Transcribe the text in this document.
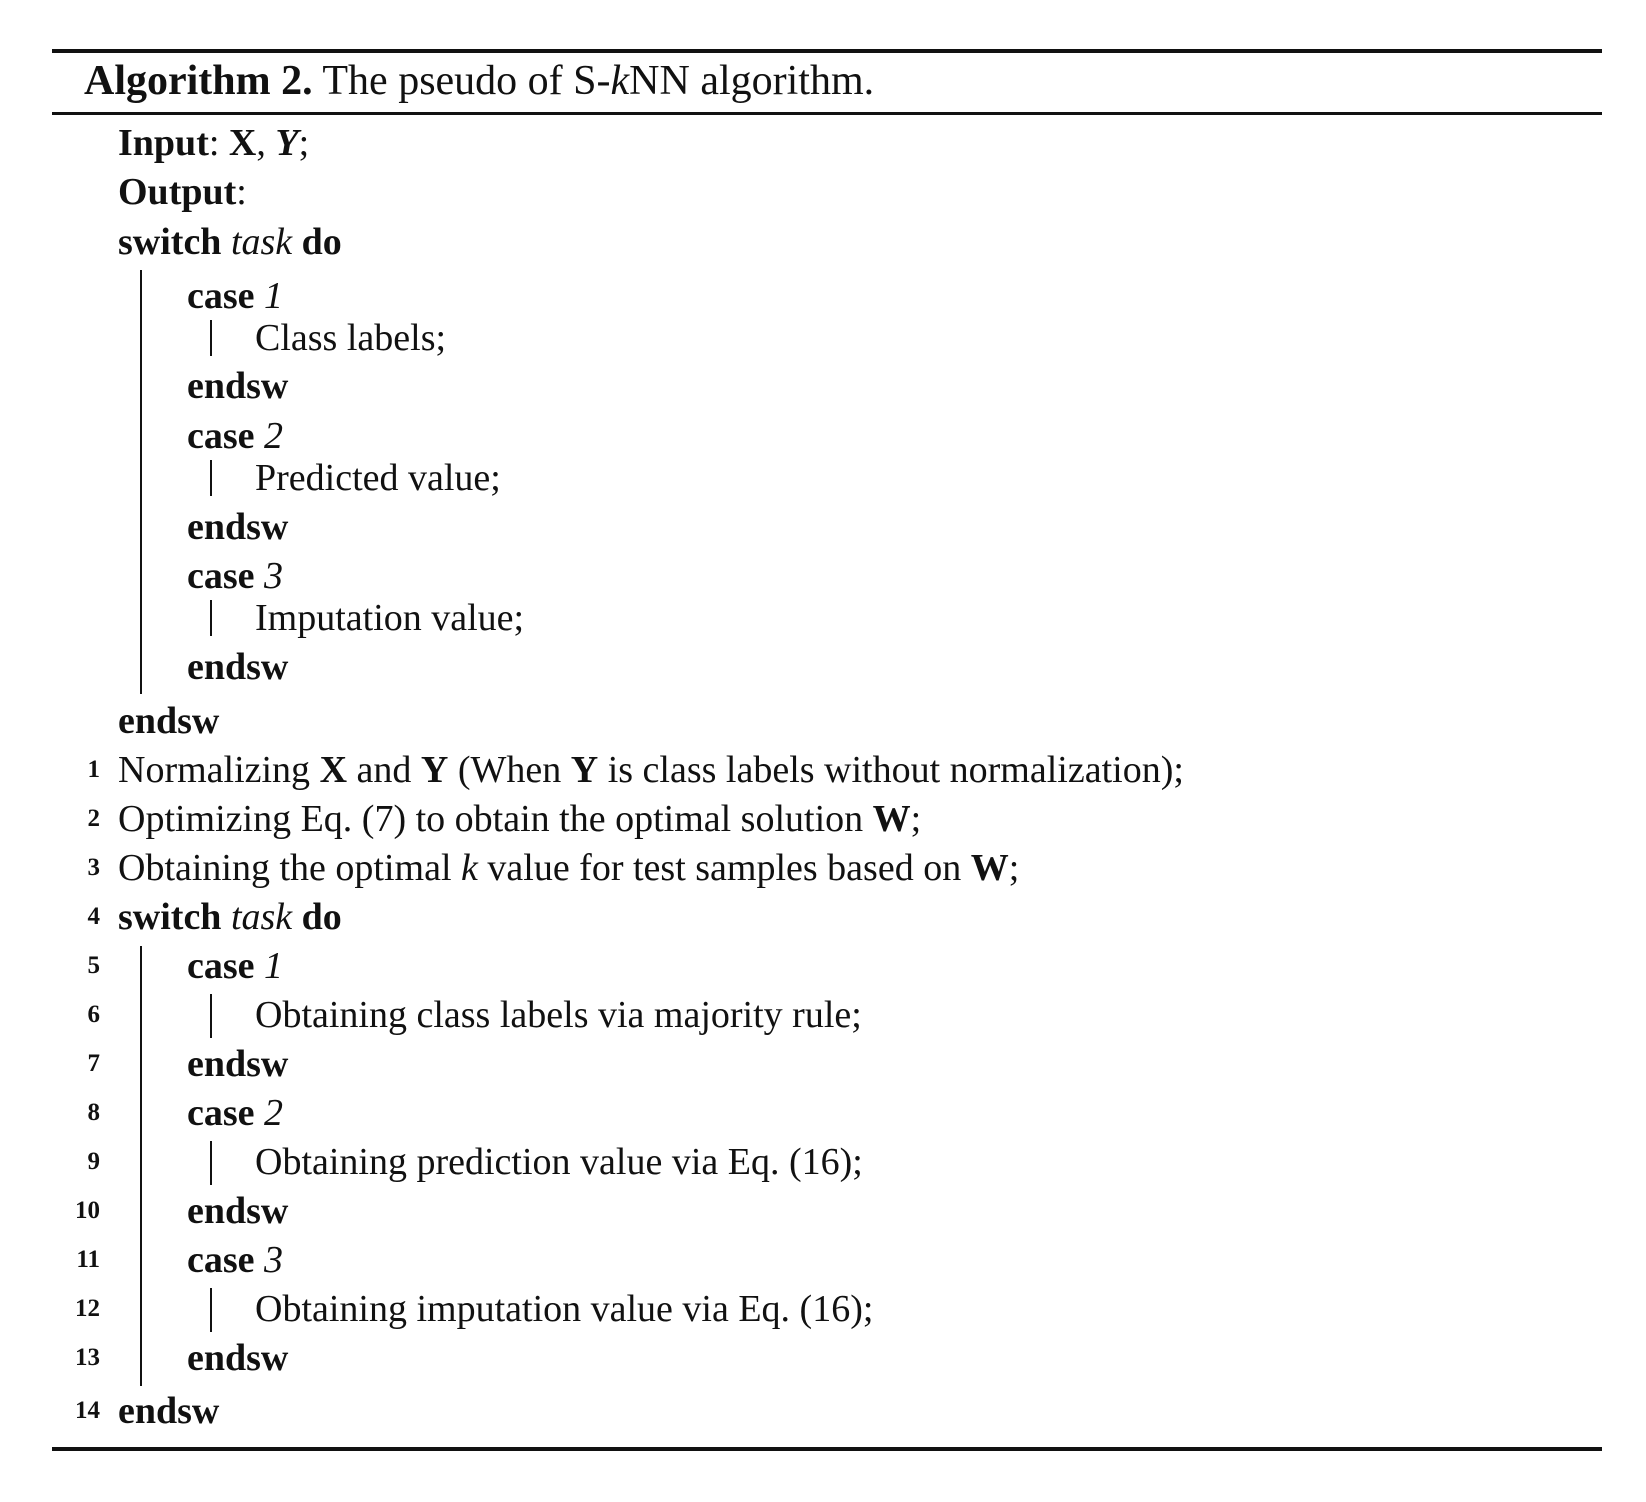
Algorithm 2. The pseudo of S-kNN algorithm.
Input: X, Y;
Output:
switch task do
case 1
Class labels;
endsw
case 2
Predicted value;
endsw
case 3
Imputation value;
endsw
endsw
1 Normalizing X and Y (When Y is class labels without normalization);
2 Optimizing Eq. (7) to obtain the optimal solution W;
3 Obtaining the optimal k value for test samples based on W;
4 switch task do
5 case 1
6	Obtaining class labels via majority rule;
7 endsw
8 case 2
9	Obtaining prediction value via Eq. (16);
10 endsw
11 case 3
12	Obtaining imputation value via Eq. (16);
13 endsw
14 endsw
